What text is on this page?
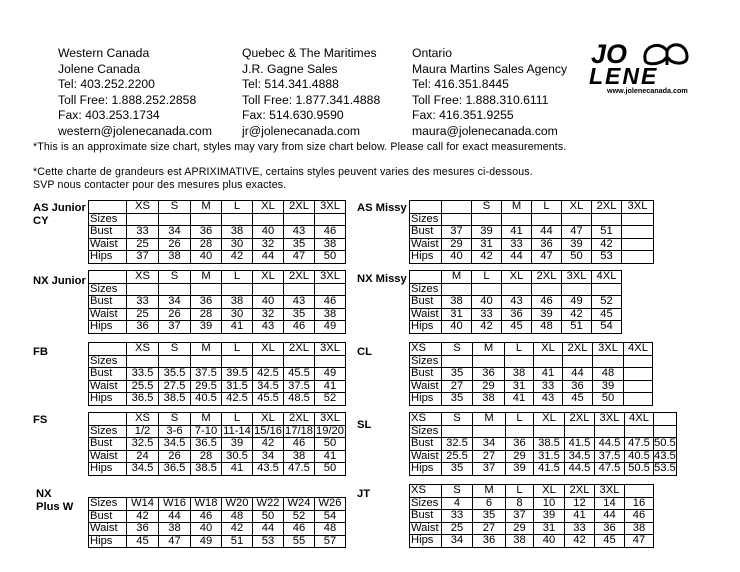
Western Canada
Jolene Canada
Tel: 403.252.2200
Toll Free: 1.888.252.2858
Fax: 403.253.1734
western@jolenecanada.com
Quebec & The Maritimes
J.R. Gagne Sales
Tel: 514.341.4888
Toll Free: 1.877.341.4888
Fax: 514.630.9590
jr@jolenecanada.com
Ontario
Maura Martins Sales Agency
Tel: 416.351.8445
Toll Free: 1.888.310.6111
Fax: 416.351.9255
maura@jolenecanada.com
JO
LENE
www.jolenecanada.com
*This is an approximate size chart, styles may vary from size chart below. Please call for exact measurements.
*Cette charte de grandeurs est APRIXIMATIVE, certains styles peuvent varies des mesures ci-dessous.
SVP nous contacter pour des mesures plus exactes.
AS Junior
CY
	XS	S	M	L	XL	2XL	3XL
Sizes							
Bust	33	34	36	38	40	43	46
Waist	25	26	28	30	32	35	38
Hips	37	38	40	42	44	47	50
NX Junior
		XS	S	M	L	XL	2XL	3XL
Sizes							
Bust	33	34	36	38	40	43	46
Waist	25	26	28	30	32	35	38
Hips	36	37	39	41	43	46	49
FB
		XS	S	M	L	XL	2XL	3XL
Sizes							
Bust	33.5	35.5	37.5	39.5	42.5	45.5	49
Waist	25.5	27.5	29.5	31.5	34.5	37.5	41
Hips	36.5	38.5	40.5	42.5	45.5	48.5	52
FS
		XS	S	M	L	XL	2XL	3XL
Sizes	1/2	3-6	7-10	11-14	15/16	17/18	19/20
Bust	32.5	34.5	36.5	39	42	46	50
Waist	24	26	28	30.5	34	38	41
Hips	34.5	36.5	38.5	41	43.5	47.5	50
NX
Plus W Sizes	W14	W16	W18	W20	W22	W24	W26
Bust	42	44	46	48	50	52	54
Waist	36	38	40	42	44	46	48
Hips	45	47	49	51	53	55	57
AS Missy
			S	M	L	XL	2XL	3XL
Sizes							
Bust	37	39	41	44	47	51	
Waist	29	31	33	36	39	42	
Hips	40	42	44	47	50	53	
NX Missy
		M	L	XL	2XL	3XL	4XL
Sizes						
Bust	38	40	43	46	49	52
Waist	31	33	36	39	42	45
Hips	40	42	45	48	51	54
CL	XS	S	M	L	XL	2XL	3XL	4XL
Sizes							
Bust	35	36	38	41	44	48	
Waist	27	29	31	33	36	39	
Hips	35	38	41	43	45	50	
SL
XS	S	M	L	XL	2XL	3XL	4XL	
Sizes								
Bust	32.5	34	36	38.5	41.5	44.5	47.5	50.5
Waist	25.5	27	29	31.5	34.5	37.5	40.5	43.5
Hips	35	37	39	41.5	44.5	47.5	50.5	53.5
JT	XS	S	M	L	XL	2XL	3XL	
Sizes	4	6	8	10	12	14	16
Bust	33	35	37	39	41	44	46
Waist	25	27	29	31	33	36	38
Hips	34	36	38	40	42	45	47
